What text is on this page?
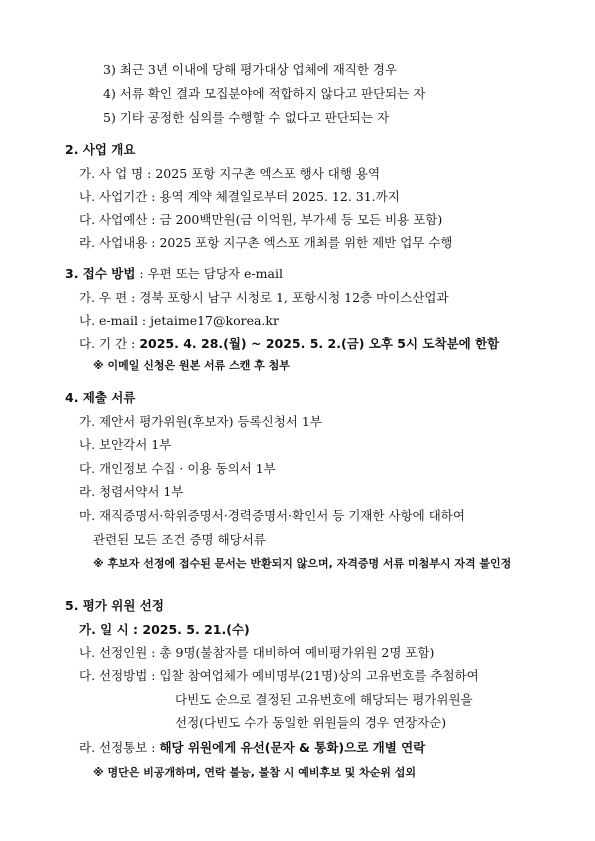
3) 최근 3년 이내에 당해 평가대상 업체에 재직한 경우
4) 서류 확인 결과 모집분야에 적합하지 않다고 판단되는 자
5) 기타 공정한 심의를 수행할 수 없다고 판단되는 자
2. 사업 개요
가. 사 업 명 : 2025 포항 지구촌 엑스포 행사 대행 용역
나. 사업기간 : 용역 계약 체결일로부터 2025. 12. 31.까지
다. 사업예산 : 금 200백만원(금 이억원, 부가세 등 모든 비용 포함)
라. 사업내용 : 2025 포항 지구촌 엑스포 개최를 위한 제반 업무 수행
3. 접수 방법 : 우편 또는 담당자 e-mail
가. 우 편 : 경북 포항시 남구 시청로 1, 포항시청 12층 마이스산업과
나. e-mail : jetaime17@korea.kr
다. 기 간 : 2025. 4. 28.(월) ~ 2025. 5. 2.(금) 오후 5시 도착분에 한함
※ 이메일 신청은 원본 서류 스캔 후 첨부
4. 제출 서류
가. 제안서 평가위원(후보자) 등록신청서 1부
나. 보안각서 1부
다. 개인정보 수집 · 이용 동의서 1부
라. 청렴서약서 1부
마. 재직증명서·학위증명서·경력증명서·확인서 등 기재한 사항에 대하여
관련된 모든 조건 증명 해당서류
※ 후보자 선정에 접수된 문서는 반환되지 않으며, 자격증명 서류 미첨부시 자격 불인정
5. 평가 위원 선정
가. 일 시 : 2025. 5. 21.(수)
나. 선정인원 : 총 9명(불참자를 대비하여 예비평가위원 2명 포함)
다. 선정방법 : 입찰 참여업체가 예비명부(21명)상의 고유번호를 추첨하여
다빈도 순으로 결정된 고유번호에 해당되는 평가위원을
선정(다빈도 수가 동일한 위원들의 경우 연장자순)
라. 선정통보 : 해당 위원에게 유선(문자 & 통화)으로 개별 연락
※ 명단은 비공개하며, 연락 불능, 불참 시 예비후보 및 차순위 섭외
